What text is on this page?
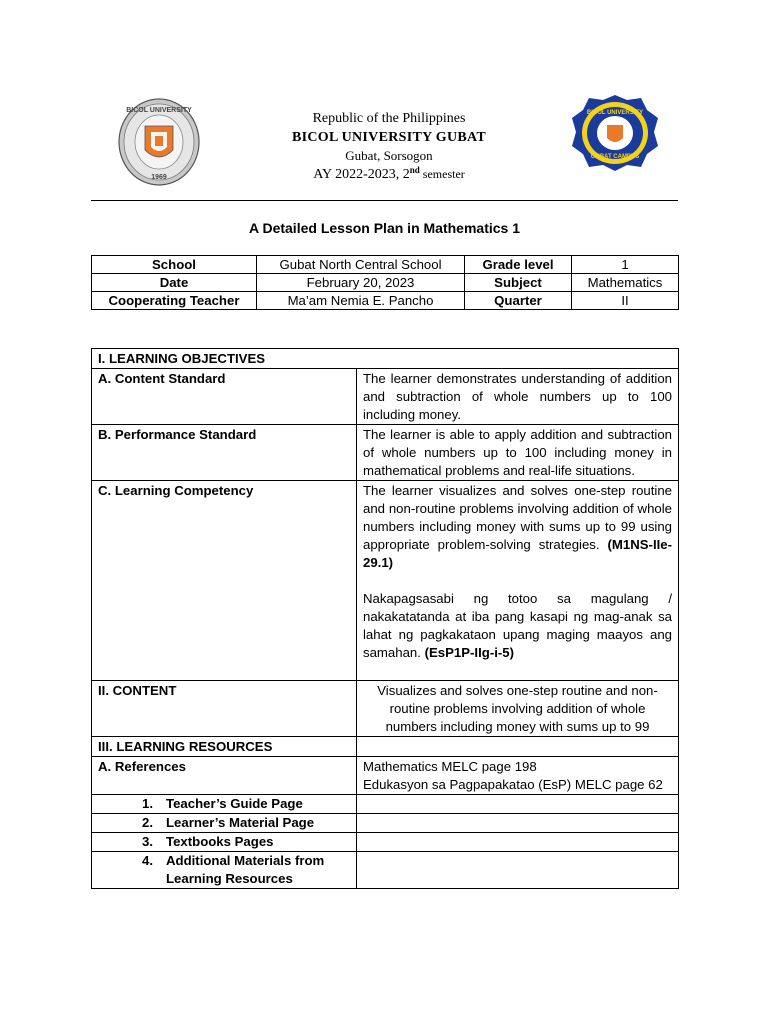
BICOL UNIVERSITY
1969
BICOL UNIVERSITY
GUBAT CAMPUS
Republic of the Philippines
BICOL UNIVERSITY GUBAT
Gubat, Sorsogon
AY 2022-2023, 2nd semester
A Detailed Lesson Plan in Mathematics 1
School	Gubat North Central School	Grade level	1
Date	February 20, 2023	Subject	Mathematics
Cooperating Teacher	Ma’am Nemia E. Pancho	Quarter	II
I. LEARNING OBJECTIVES	
A. Content Standard	The learner demonstrates understanding of addition and subtraction of whole numbers up to 100 including money.
B. Performance Standard	The learner is able to apply addition and subtraction of whole numbers up to 100 including money in mathematical problems and real-life situations.
C. Learning Competency	The learner visualizes and solves one-step routine and non-routine problems involving addition of whole numbers including money with sums up to 99 using appropriate problem-solving strategies. (M1NS-IIe-29.1)
Nakapagsasabi ng totoo sa magulang / nakakatatanda at iba pang kasapi ng mag-anak sa lahat ng pagkakataon upang maging maayos ang samahan. (EsP1P-IIg-i-5)

II. CONTENT	Visualizes and solves one-step routine and non-routine problems involving addition of whole numbers including money with sums up to 99
III. LEARNING RESOURCES	
A. References	Mathematics MELC page 198
Edukasyon sa Pagpapakatao (EsP) MELC page 62

1. Teacher’s Guide Page	
2. Learner’s Material Page	
3. Textbooks Pages	

4. Additional Materials from Learning Resources	
